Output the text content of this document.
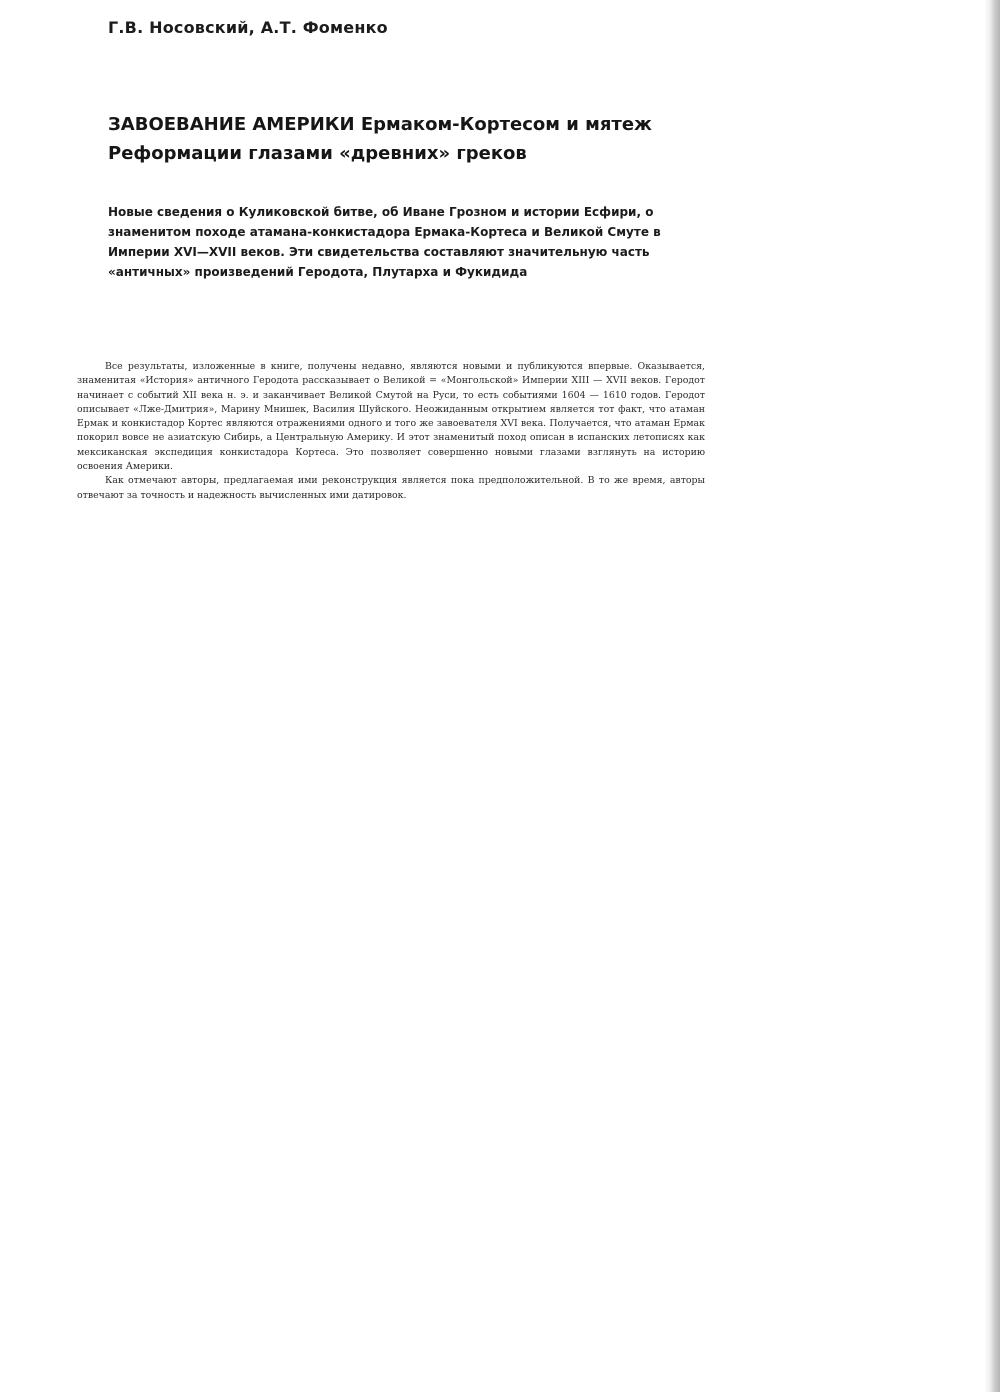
Г.В. Носовский, А.Т. Фоменко
ЗАВОЕВАНИЕ АМЕРИКИ Ермаком-Кортесом и мятеж Реформации глазами «древних» греков

Новые сведения о Куликовской битве, об Иване Грозном и истории Есфири, о знаменитом походе атамана-конкистадора Ермака-Кортеса и Великой Смуте в Империи XVI—XVII веков. Эти свидетельства составляют значительную часть «античных» произведений Геродота, Плутарха и Фукидида

Все результаты, изложенные в книге, получены недавно, являются новыми и публикуются впервые. Оказывается, знаменитая «История» античного Геродота рассказывает о Великой = «Монгольской» Империи XIII — XVII веков. Геродот начинает с событий XII века н. э. и заканчивает Великой Смутой на Руси, то есть событиями 1604 — 1610 годов. Геродот описывает «Лже-Дмитрия», Марину Мнишек, Василия Шуйского. Неожиданным открытием является тот факт, что атаман Ермак и конкистадор Кортес являются отражениями одного и того же завоевателя XVI века. Получается, что атаман Ермак покорил вовсе не азиатскую Сибирь, а Центральную Америку. И этот знаменитый поход описан в испанских летописях как мексиканская экспедиция конкистадора Кортеса. Это позволяет совершенно новыми глазами взглянуть на историю освоения Америки.

Как отмечают авторы, предлагаемая ими реконструкция является пока предположительной. В то же время, авторы отвечают за точность и надежность вычисленных ими датировок.
